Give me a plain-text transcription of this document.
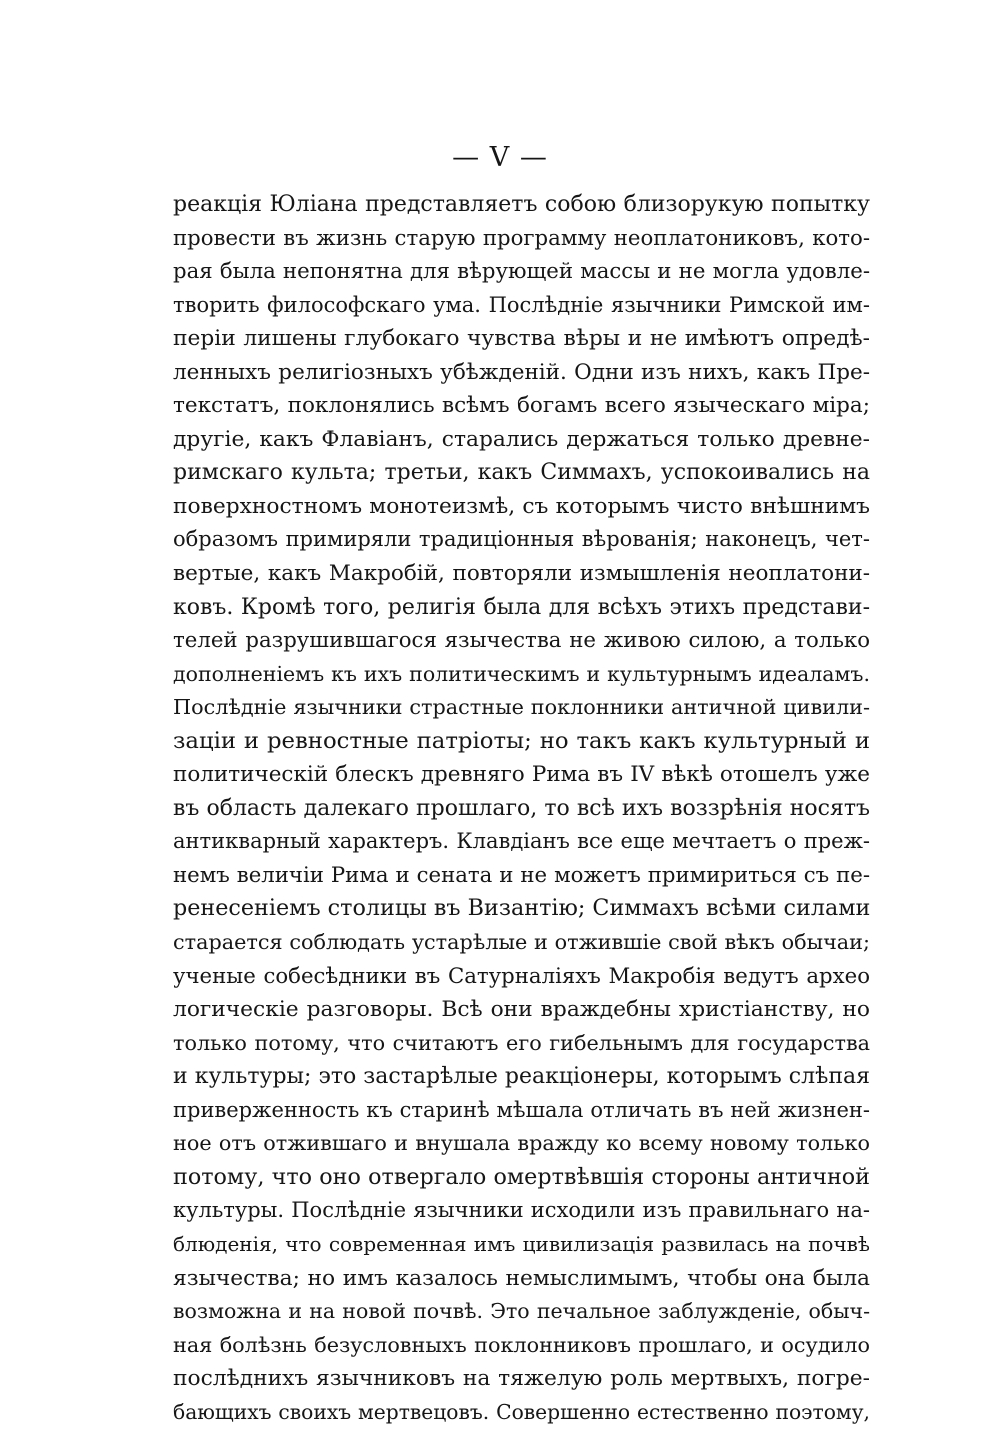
— V —
реакція Юліана представляетъ собою близорукую попытку
провести въ жизнь старую программу неоплатониковъ, кото-
рая была непонятна для вѣрующей массы и не могла удовле-
творить философскаго ума. Послѣдніе язычники Римской им-
періи лишены глубокаго чувства вѣры и не имѣютъ опредѣ-
ленныхъ религіозныхъ убѣжденій. Одни изъ нихъ, какъ Пре-
текстатъ, поклонялись всѣмъ богамъ всего языческаго міра;
другіе, какъ Флавіанъ, старались держаться только древне-
римскаго культа; третьи, какъ Симмахъ, успокоивались на
поверхностномъ монотеизмѣ, съ которымъ чисто внѣшнимъ
образомъ примиряли традиціонныя вѣрованія; наконецъ, чет-
вертые, какъ Макробій, повторяли измышленія неоплатони-
ковъ. Кромѣ того, религія была для всѣхъ этихъ представи-
телей разрушившагося язычества не живою силою, а только
дополненіемъ къ ихъ политическимъ и культурнымъ идеаламъ.
Послѣдніе язычники страстные поклонники античной цивили-
заціи и ревностные патріоты; но такъ какъ культурный и
политическій блескъ древняго Рима въ IV вѣкѣ отошелъ уже
въ область далекаго прошлаго, то всѣ ихъ воззрѣнія носятъ
антикварный характеръ. Клавдіанъ все еще мечтаетъ о преж-
немъ величіи Рима и сената и не можетъ примириться съ пе-
ренесеніемъ столицы въ Византію; Симмахъ всѣми силами
старается соблюдать устарѣлые и отжившіе свой вѣкъ обычаи;
ученые собесѣдники въ Сатурналіяхъ Макробія ведутъ архео
логическіе разговоры. Всѣ они враждебны христіанству, но
только потому, что считаютъ его гибельнымъ для государства
и культуры; это застарѣлые реакціонеры, которымъ слѣпая
приверженность къ старинѣ мѣшала отличать въ ней жизнен-
ное отъ отжившаго и внушала вражду ко всему новому только
потому, что оно отвергало омертвѣвшія стороны античной
культуры. Послѣдніе язычники исходили изъ правильнаго на-
блюденія, что современная имъ цивилизація развилась на почвѣ
язычества; но имъ казалось немыслимымъ, чтобы она была
возможна и на новой почвѣ. Это печальное заблужденіе, обыч-
ная болѣзнь безусловныхъ поклонниковъ прошлаго, и осудило
послѣднихъ язычниковъ на тяжелую роль мертвыхъ, погре-
бающихъ своихъ мертвецовъ. Совершенно естественно поэтому,
